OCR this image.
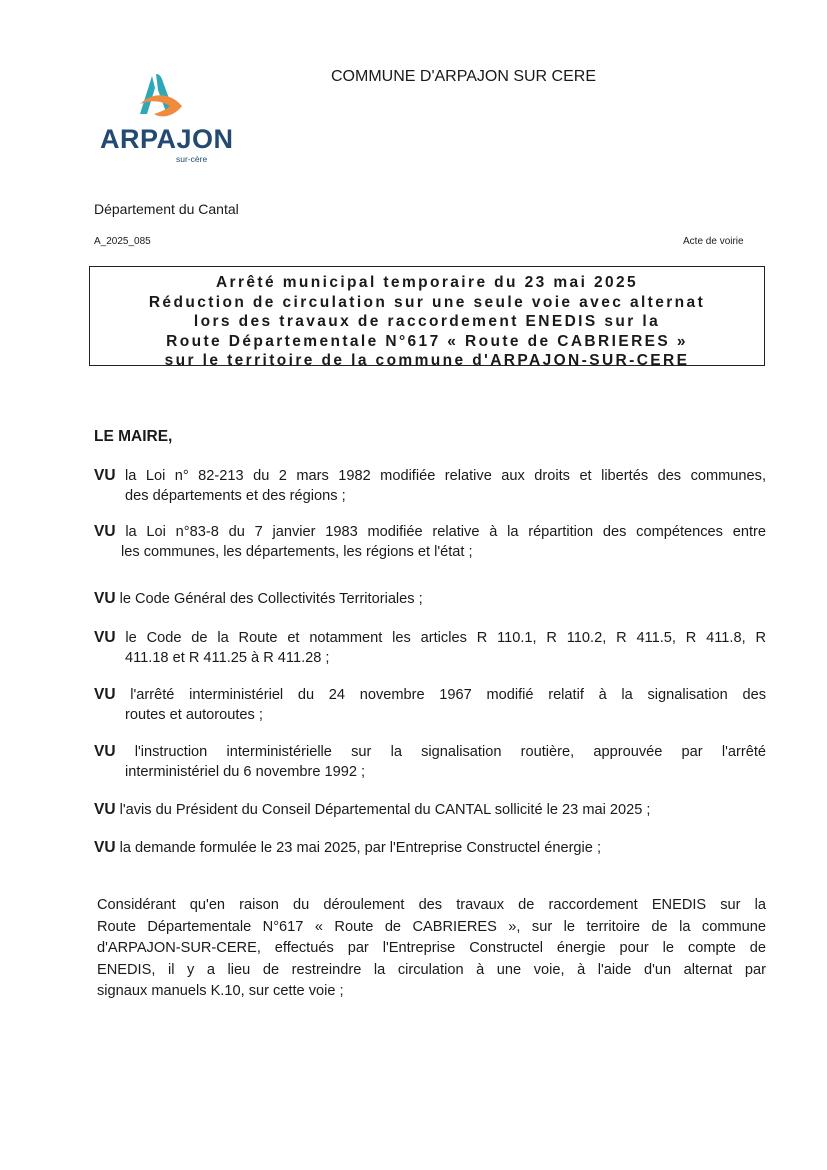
ARPAJON
sur-cère
COMMUNE D'ARPAJON SUR CERE
Département du Cantal
A_2025_085	Acte de voirie
Arrêté municipal temporaire du 23 mai 2025
Réduction de circulation sur une seule voie avec alternat
lors des travaux de raccordement ENEDIS sur la
Route Départementale N°617 « Route de CABRIERES »
sur le territoire de la commune d'ARPAJON-SUR-CERE
LE MAIRE,
VU la Loi n° 82-213 du 2 mars 1982 modifiée relative aux droits et libertés des communes,
des départements et des régions ;
VU la Loi n°83-8 du 7 janvier 1983 modifiée relative à la répartition des compétences entre
les communes, les départements, les régions et l'état ;
VU le Code Général des Collectivités Territoriales ;
VU le Code de la Route et notamment les articles R 110.1, R 110.2, R 411.5, R 411.8, R
411.18 et R 411.25 à R 411.28 ;
VU l'arrêté interministériel du 24 novembre 1967 modifié relatif à la signalisation des
routes et autoroutes ;
VU l'instruction interministérielle sur la signalisation routière, approuvée par l'arrêté
interministériel du 6 novembre 1992 ;
VU l'avis du Président du Conseil Départemental du CANTAL sollicité le 23 mai 2025 ;
VU la demande formulée le 23 mai 2025, par l'Entreprise Constructel énergie ;
Considérant qu'en raison du déroulement des travaux de raccordement ENEDIS sur la
Route Départementale N°617 « Route de CABRIERES », sur le territoire de la commune
d'ARPAJON-SUR-CERE, effectués par l'Entreprise Constructel énergie pour le compte de
ENEDIS, il y a lieu de restreindre la circulation à une voie, à l'aide d'un alternat par
signaux manuels K.10, sur cette voie ;
